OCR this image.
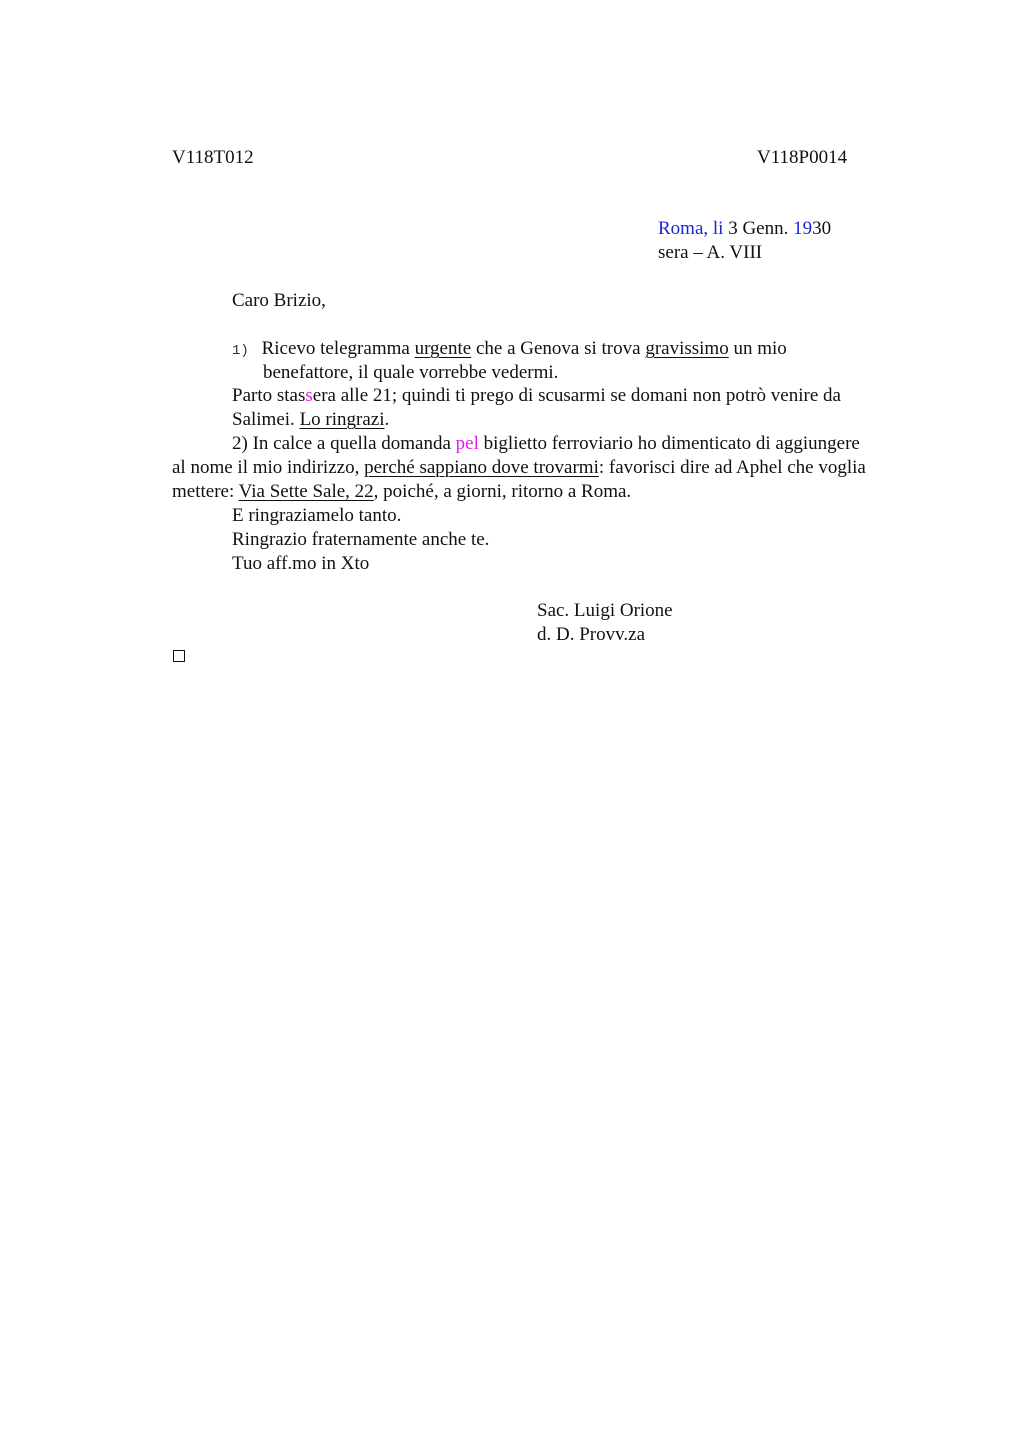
V118T012	V118P0014
Roma, li 3 Genn. 1930
sera – A. VIII
Caro Brizio,
1) Ricevo telegramma urgente che a Genova si trova gravissimo un mio
benefattore, il quale vorrebbe vedermi.
Parto stassera alle 21; quindi ti prego di scusarmi se domani non potrò venire da
Salimei. Lo ringrazi.
2) In calce a quella domanda pel biglietto ferroviario ho dimenticato di aggiungere
al nome il mio indirizzo, perché sappiano dove trovarmi: favorisci dire ad Aphel che voglia
mettere: Via Sette Sale, 22, poiché, a giorni, ritorno a Roma.
E ringraziamelo tanto.
Ringrazio fraternamente anche te.
Tuo aff.mo in Xto
Sac. Luigi Orione
d. D. Provv.za
